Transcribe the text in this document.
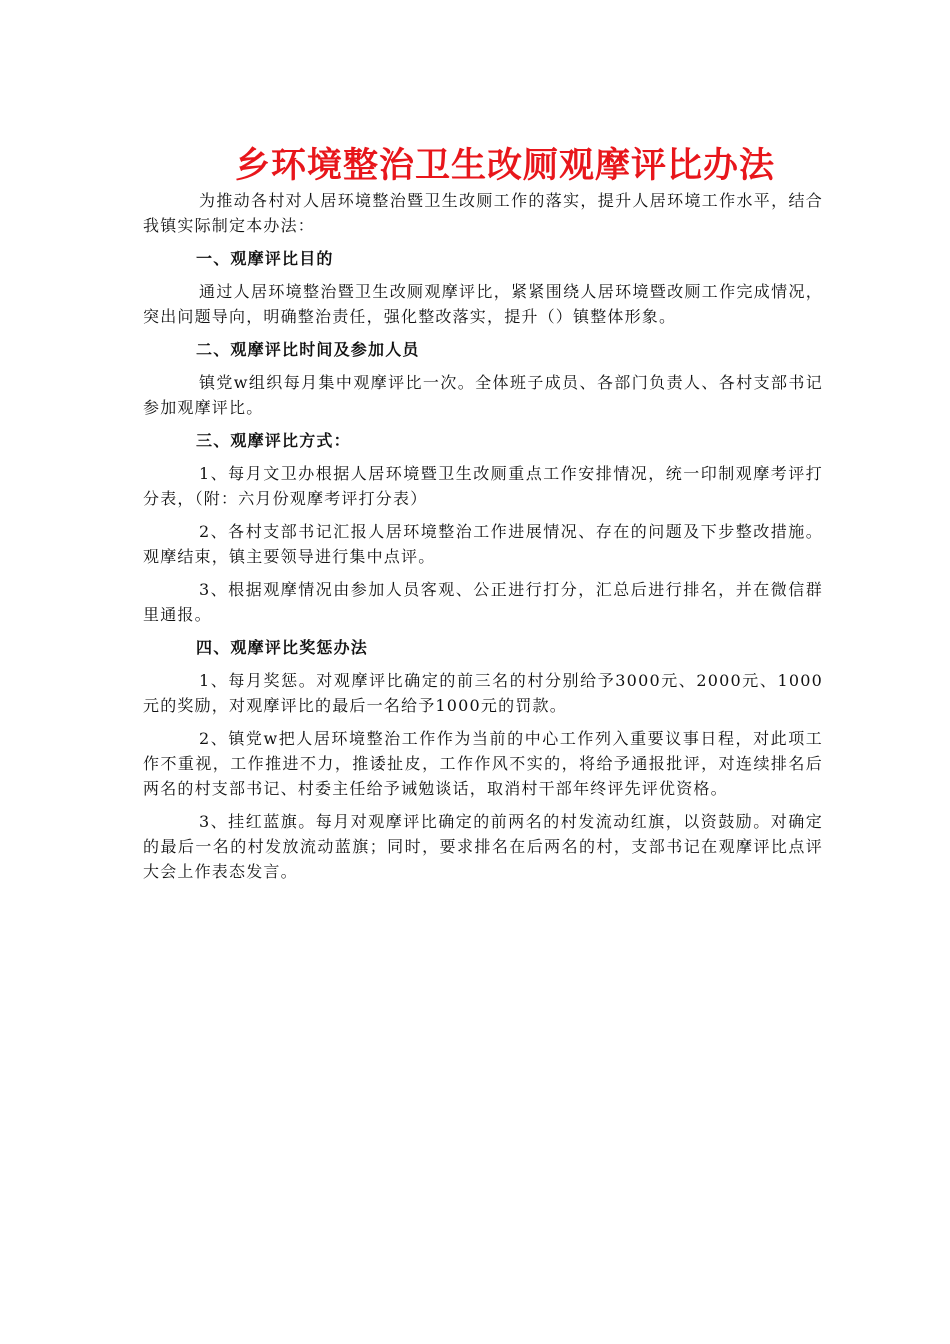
乡环境整治卫生改厕观摩评比办法

为推动各村对人居环境整治暨卫生改厕工作的落实，提升人居环境工作水平，结合我镇实际制定本办法：

一、观摩评比目的

通过人居环境整治暨卫生改厕观摩评比，紧紧围绕人居环境暨改厕工作完成情况，突出问题导向，明确整治责任，强化整改落实，提升（）镇整体形象。

二、观摩评比时间及参加人员

镇党w组织每月集中观摩评比一次。全体班子成员、各部门负责人、各村支部书记参加观摩评比。

三、观摩评比方式：

1、每月文卫办根据人居环境暨卫生改厕重点工作安排情况，统一印制观摩考评打分表，（附：六月份观摩考评打分表）

2、各村支部书记汇报人居环境整治工作进展情况、存在的问题及下步整改措施。观摩结束，镇主要领导进行集中点评。

3、根据观摩情况由参加人员客观、公正进行打分，汇总后进行排名，并在微信群里通报。

四、观摩评比奖惩办法

1、每月奖惩。对观摩评比确定的前三名的村分别给予3000元、2000元、1000元的奖励，对观摩评比的最后一名给予1000元的罚款。

2、镇党w把人居环境整治工作作为当前的中心工作列入重要议事日程，对此项工作不重视，工作推进不力，推诿扯皮，工作作风不实的，将给予通报批评，对连续排名后两名的村支部书记、村委主任给予诫勉谈话，取消村干部年终评先评优资格。

3、挂红蓝旗。每月对观摩评比确定的前两名的村发流动红旗，以资鼓励。对确定的最后一名的村发放流动蓝旗；同时，要求排名在后两名的村，支部书记在观摩评比点评大会上作表态发言。
